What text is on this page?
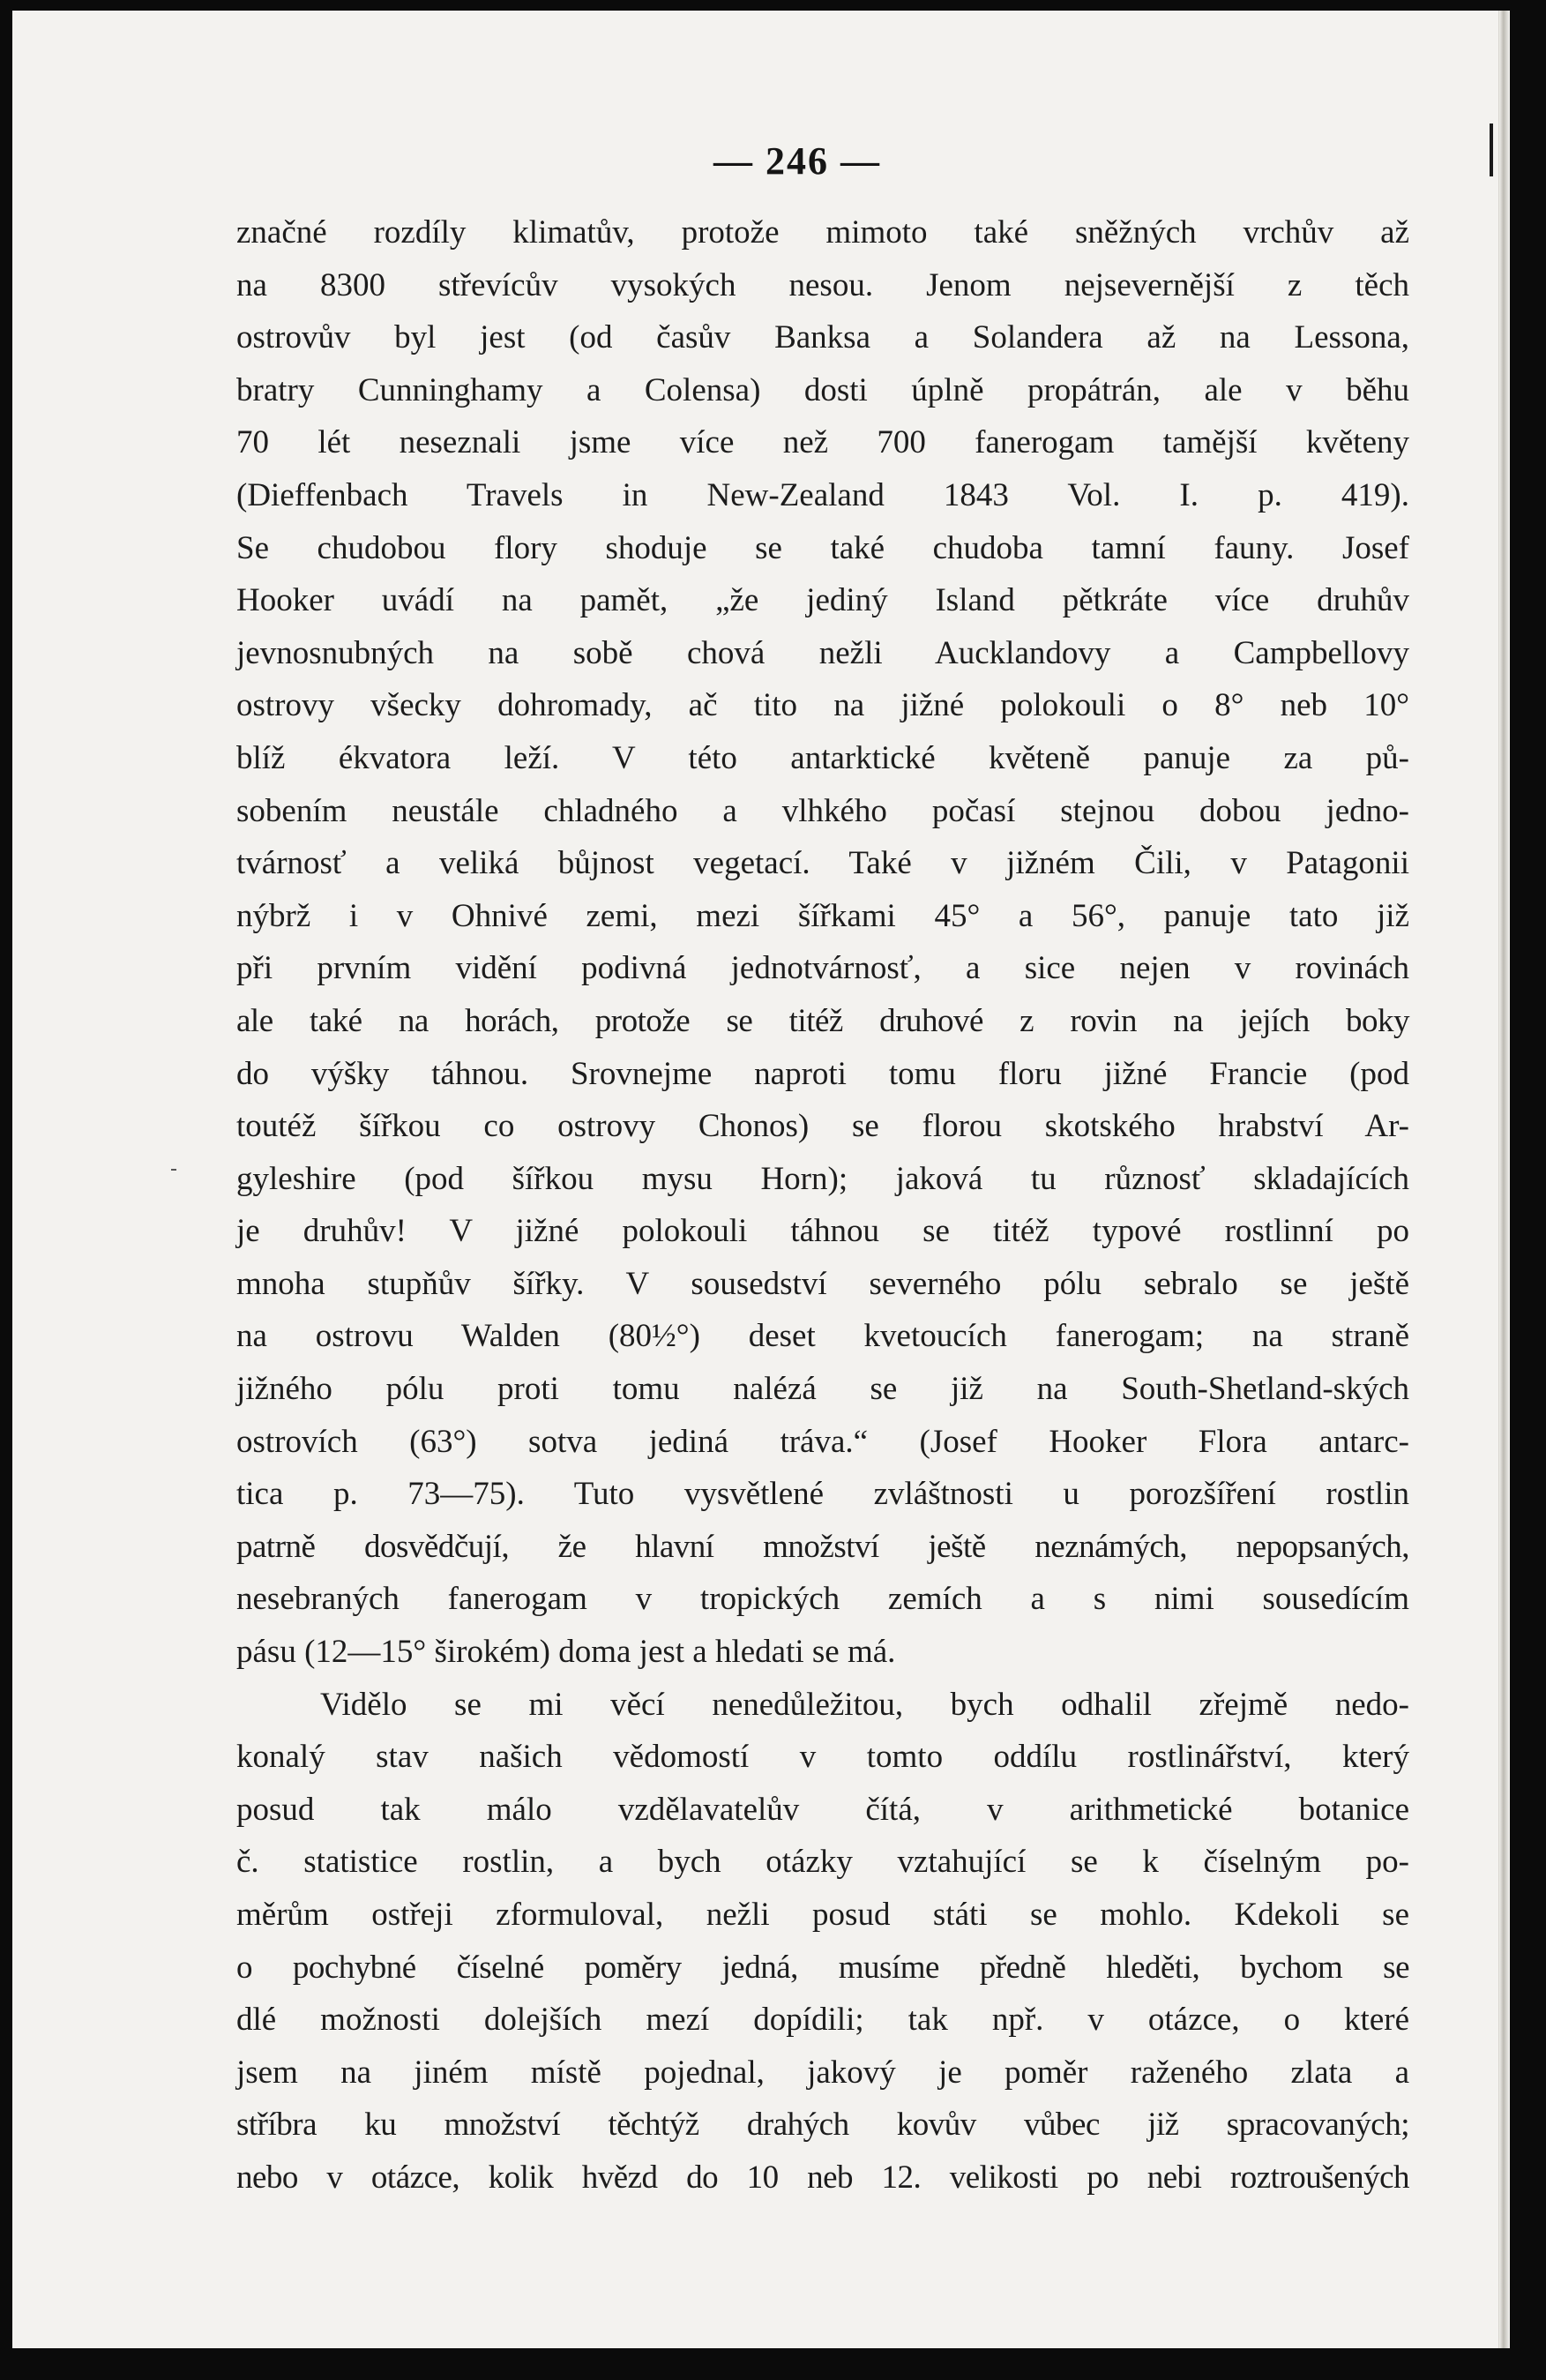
— 246 —
značné rozdíly klimatův, protože mimoto také sněžných vrchův až
na 8300 střevícův vysokých nesou. Jenom nejsevernější z těch
ostrovův byl jest (od časův Banksa a Solandera až na Lessona,
bratry Cunninghamy a Colensa) dosti úplně propátrán, ale v běhu
70 lét neseznali jsme více než 700 fanerogam tamější květeny
(Dieffenbach Travels in New-Zealand 1843 Vol. I. p. 419).
Se chudobou flory shoduje se také chudoba tamní fauny. Josef
Hooker uvádí na pamět, „že jediný Island pětkráte více druhův
jevnosnubných na sobě chová nežli Aucklandovy a Campbellovy
ostrovy všecky dohromady, ač tito na jižné polokouli o 8° neb 10°
blíž ékvatora leží. V této antarktické květeně panuje za pů-
sobením neustále chladného a vlhkého počasí stejnou dobou jedno-
tvárnosť a veliká bůjnost vegetací. Také v jižném Čili, v Patagonii
nýbrž i v Ohnivé zemi, mezi šířkami 45° a 56°, panuje tato již
při prvním vidění podivná jednotvárnosť, a sice nejen v rovinách
ale také na horách, protože se titéž druhové z rovin na jejích boky
do výšky táhnou. Srovnejme naproti tomu floru jižné Francie (pod
toutéž šířkou co ostrovy Chonos) se florou skotského hrabství Ar-
gyleshire (pod šířkou mysu Horn); jaková tu různosť skladajících
je druhův! V jižné polokouli táhnou se titéž typové rostlinní po
mnoha stupňův šířky. V sousedství severného pólu sebralo se ještě
na ostrovu Walden (80½°) deset kvetoucích fanerogam; na straně
jižného pólu proti tomu nalézá se již na South-Shetland-ských
ostrovích (63°) sotva jediná tráva.“ (Josef Hooker Flora antarc-
tica p. 73—75). Tuto vysvětlené zvláštnosti u porozšíření rostlin
patrně dosvědčují, že hlavní množství ještě neznámých, nepopsaných,
nesebraných fanerogam v tropických zemích a s nimi sousedícím
pásu (12—15° širokém) doma jest a hledati se má.
Vidělo se mi věcí nenedůležitou, bych odhalil zřejmě nedo-
konalý stav našich vědomostí v tomto oddílu rostlinářství, který
posud tak málo vzdělavatelův čítá, v arithmetické botanice
č. statistice rostlin, a bych otázky vztahující se k číselným po-
měrům ostřeji zformuloval, nežli posud státi se mohlo. Kdekoli se
o pochybné číselné poměry jedná, musíme předně hleděti, bychom se
dlé možnosti dolejších mezí dopídili; tak npř. v otázce, o které
jsem na jiném místě pojednal, jakový je poměr raženého zlata a
stříbra ku množství těchtýž drahých kovův vůbec již spracovaných;
nebo v otázce, kolik hvězd do 10 neb 12. velikosti po nebi roztroušených
